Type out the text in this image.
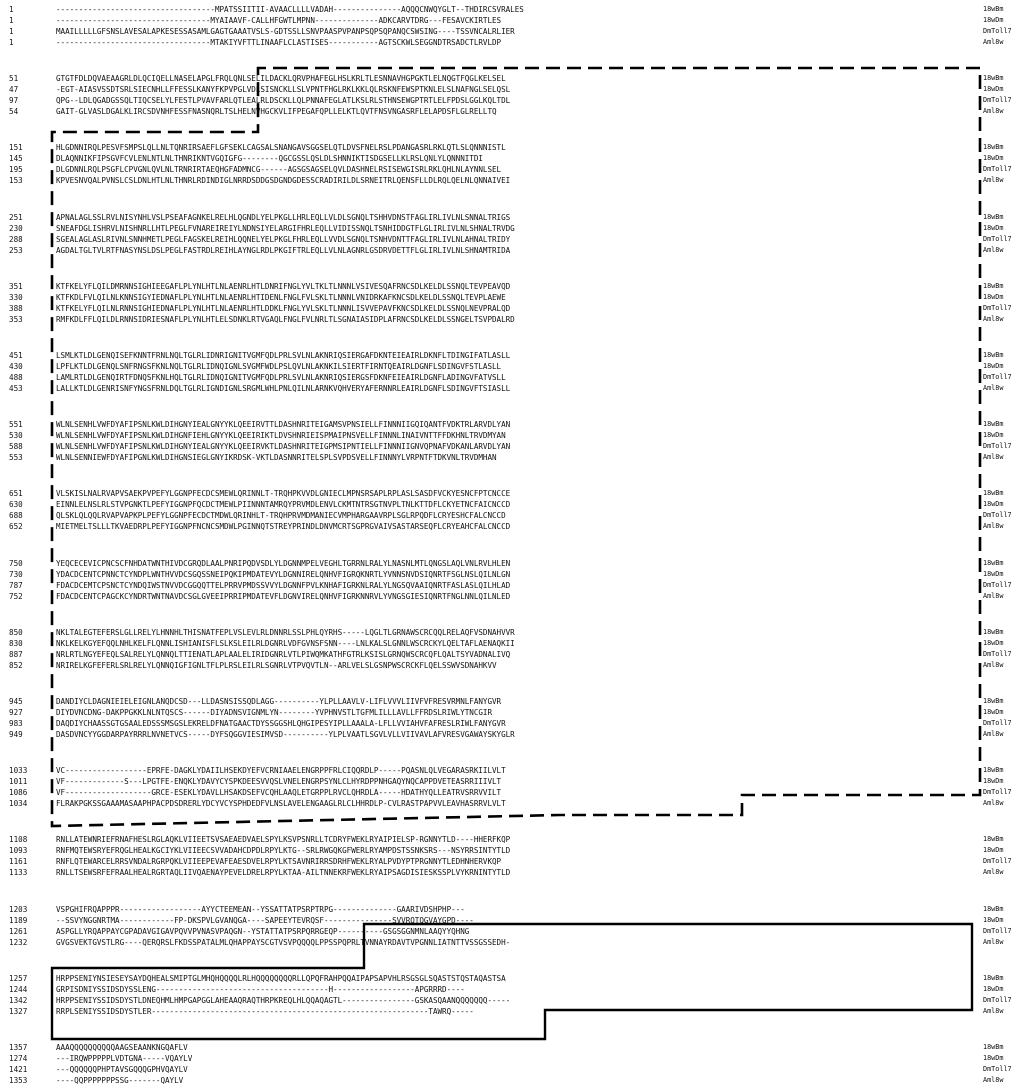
1	-----------------------------------MPATSSIITII-AVAACLLLLVADAH---------------AQQQCNWQYGLT--THDIRCSVRALES	18wBm
1	----------------------------------MYAIAAVF-CALLHFGWTLMPNN--------------ADKCARVTDRG---FESAVCKIRTLES	18wDm
1	MAAILLLLLGFSNSLAVESALAPKESESSASAMLGAGTGAAATVSLS-GDTSSLLSNVPAASPVPANPSQPSQPANQCSWSING----TSSVNCALRLIER	DmToll7
1	----------------------------------MTAKIYVFTTLINAAFLCLASTISES-----------AGTSCKWLSEGGNDTRSADCTLRVLDP	Aml8w
51	GTGTFDLDQVAEAAGRLDLQCIQELLNASELAPGLFRQLQNLSELILDACKLQRVPHAFEGLHSLKRLTLESNNAVHGPGKTLELNQGTFQGLKELSEL	18wBm
47	-EGT-AIASVSSDTSRLSIECNHLLFFESSLKANYFKPVPGLVDLSISNCKLLSLVPNTFHGLRKLKKLQLRSKNFEWSPTKNLELSLNAFNGLSELQSL	18wDm
97	QPG--LDLQGADGSSQLTIQCSELYLFESTLPVAVFARLQTLEALRLDSCKLLQLPNNAFEGLATLKSLRLSTHNSEWGPTRTLELFPDSLGGLKQLTDL	DmToll7
54	GAIT-GLVASLDGALKLIRCSDVNHFESSFNASNQRLTSLHELNVHGCKVLIFPEGAFQPLLELKTLQVTFNSVNGASRFLELAPDSFLGLRELLTQ	Aml8w
151	HLGDNNIRQLPESVFSMPSLQLLNLTQNRIRSAEFLGFSEKLCAGSALSNANGAVSGGSELQTLDVSFNELRSLPDANGASRLRKLQTLSLQNNNISTL	18wBm
145	DLAQNNIKFIPSGVFCVLENLNTLNLTHNRIKNTVGQIGFG--------QGCGSSLQSLDLSHNNIKTISDGSELLKLRSLQNLYLQNNNITDI	18wDm
195	DLGDNNLRQLPSGFLCPVGNLQVLNLTRNRIRTAEQHGFADMNCG------AGSGSAGSELQVLDASHNELRSISEWGISRLRKLQHLNLAYNNLSEL	DmToll7
153	KPVESNVQALPVNSLCSLDNLHTLNLTHNRLRDINDIGLNRRDSDDGSDGNDGDESSCRADIRILDLSRNEITRLQENSFLLDLRQLQELNLQNNAIVEI	Aml8w
251	APNALAGLSSLRVLNISYNHLVSLPSEAFAGNKELRELHLQGNDLYELPKGLLHRLEQLLVLDLSGNQLTSHHVDNSTFAGLIRLIVLNLSNNALTRIGS	18wBm
230	SNEAFDGLISHRVLNISHNRLLHTLPEGLFVNAREIREIYLNDNSIYELARGIFHRLEQLLVIDISSNQLTSNHIDDGTFLGLIRLIVLNLSHNALTRVDG	18wDm
288	SGEALAGLASLRIVNLSNNHMETLPEGLFAGSKELREIHLQQNELYELPKGLFHRLEQLLVVDLSGNQLTSNHVDNTTFAGLIRLIVLNLAHNALTRIDY	DmToll7
253	AGDALTGLTVLRTFNASYNSLDSLPEGLFASTRDLREIHLAYNGLRDLPKGIFTRLEQLLVLNLAGNRLGSDRVDETTFLGLIRLIVLNLSHNAMTRIDA	Aml8w
351	KTFKELYFLQILDMRNNSIGHIEEGAFLPLYNLHTLNLAENRLHTLDNRIFNGLYVLTKLTLNNNLVSIVESQAFRNCSDLKELDLSSNQLTEVPEAVQD	18wBm
330	KTFKDLFVLQILNLKNNSIGYIEDNAFLPLYNLHTLNLAENRLHTIDENLFNGLFVLSKLTLNNNLVNIDRKAFKNCSDLKELDLSSNQLTEVPLAEWE	18wDm
388	KTFKELYFLQILNLRNNSIGHIEDNAFLPLYNLHTLNLAENRLHTLDDKLFNGLYVLSKLTLNNNLISVVEPAVFKNCSDLKELDLSSNQLNEVPRALQD	DmToll7
353	RMFKDLFFLQILDLRNNSIDRIESNAFLPLYNLHTLELSDNKLRTVGAQLFNGLFVLNRLTLSGNAIASIDPLAFRNCSDLKELDLSSNGELTSVPDALRD	Aml8w
451	LSMLKTLDLGENQISEFKNNTFRNLNQLTGLRLIDNRIGNITVGMFQDLPRLSVLNLAKNRIQSIERGAFDKNTEIEAIRLDKNFLTDINGIFATLASLL	18wBm
430	LPFLKTLDLGENQLSNFRNGSFKNLNQLTGLRLIDNQIGNLSVGMFWDLPSLQVLNLAKNKILSIERTFIRNTQEAIRLDGNFLSDINGVFSTLASLL	18wDm
488	LAMLRTLDLGENQIRTFDNQSFKNLHQLTGLRLIDNQIGNITVGMFQDLPRLSVLNLAKNRIQSIERGSFDKNFEIEAIRLDGNFLADINGVFATVSLL	DmToll7
453	LALLKTLDLGENRISNFYNGSFRNLDQLTGLRLIGNDIGNLSRGMLWHLPNLQILNLARNKVQHVERYAFERNNRLEAIRLDGNFLSDINGVFTSIASLL	Aml8w
551	WLNLSENHLVWFDYAFIPSNLKWLDIHGNYIEALGNYYKLQEEIRVTTLDASHNRITEIGAMSVPNSIELLFINNNIIGQIQANTFVDKTRLARVDLYAN	18wBm
530	WLNLSENHLVWFDYAFIPSNLKWLDIHGNFIEHLGNYYKLQEEIRIKTLDVSHNRIEISPMAIPNSVELLFINNNLINAIVNTTFFDKHNLTRVDMYAN	18wDm
588	WLNLSENHLVWFDYAFIPSNLKWLDIHGNYIEALGNYYKLQEEIRVKTLDASHNRITEIGPMSIPNTIELLFINNNIIGNVQPNAFVDKANLARVDLYAN	DmToll7
553	WLNLSENNIEWFDYAFIPGNLKWLDIHGNSIEGLGNYIKRDSK-VKTLDASNNRITELSPLSVPDSVELLFINNNYLVRPNTFTDKVNLTRVDMHAN	Aml8w
651	VLSKISLNALRVAPVSAEKPVPEFYLGGNPFECDCSMEWLQRINNLT-TRQHPKVVDLGNIECLMPNSRSAPLRPLASLSASDFVCKYESNCFPTCNCCE	18wBm
630	EINNLELNSLRLSTVPGNKTLPEFYIGGNPFQCDCTMEWLPIINNNTAMRQYPRVMDLENVLCKMTNTRSGTNVPLTNLKTTDFLCKYETNCFAICNCCD	18wDm
688	QLSKLQLQQLRVAPVAPKPLPEFYLGGNPFECDCTMDWLQRINHLT-TRQHPRVMDMANIECVMPHARGAAVRPLSGLRPQDFLCRYESHCFALCNCCD	DmToll7
652	MIETMELTSLLLTKVAEDRPLPEFYIGGNPFNCNCSMDWLPGINNQTSTREYPRINDLDNVMCRTSGPRGVAIVSASTARSEQFLCRYEAHCFALCNCCD	Aml8w
750	YEQCECEVICPNCSCFNHDATWNTHIVDCGRQDLAALPNRIPQDVSDLYLDGNNMPELVEGHLTGRRNLRALYLNASNLMTLQNGSLAQLVNLRVLHLEN	18wBm
730	YDACDCENTCPNNCTCYNDPLWNTHVVDCSGQSSNEIPQKIPMDATEVYLDGNNIRELQNHVFIGRQKNRTLYVNNSNVDSIQNRTFSGLNSLQILNLGN	18wDm
787	FDACDCEMTCPSNCTCYNDQIWSTNVVDCGGQQTTELPRRVPMDSSVVYLDGNNFPVLKNHAFIGRKNLRALYLNGSQVAAIQNRTFASLASLQILHLAD	DmToll7
752	FDACDCENTCPAGCKCYNDRTWNTNAVDCSGLGVEEIPRRIPMDATEVFLDGNVIRELQNHVFIGRKNNRVLYVNGSGIESIQNRTFNGLNNLQILNLED	Aml8w
850	NKLTALEGTEFERSLGLLRELYLHNNHLTHISNATFEPLVSLEVLRLDNNRLSSLPHLQYRHS-----LQGLTLGRNAWSCRCQQLRELAQFVSDNAHVVR	18wBm
830	NKLKELKGYEFQQLNHLKELFLQNNLISHIANISFLSLKSLEILRLDGNRLVDFGVNSFSNN----LNLKALSLGNNLWSCRCKYLQELTAFLAENAQKII	18wDm
887	NRLRTLNGYEFEQLSALRELYLQNNQLTTIENATLAPLAALELIRIDGNRLVTLPIWQMKATHFGTRLKSISLGRNQWSCRCQFLQALTSYVADNALIVQ	DmToll7
852	NRIRELKGFEFERLSRLRELYLQNNQIGFIGNLTFLPLRSLEILRLSGNRLVTPVQVTLN--ARLVELSLGSNPWSCRCKFLQELSSWVSDNAHKVV	Aml8w
945	DANDIYCLDAGNIEIELEIGNLANQDCSD---LLDASNSISSQDLAGG----------YLPLLAAVLV-LIFLVVVLIIVFVFRESVRMNLFANYGVR	18wBm
927	DIYDVNCDNG-DAKPPGKKLNLNTQSCS------DIYADNSVIGNMLYN--------YVPHNVSTLTGFMLILLLAVLLFFRDSLRIWLYTNCGIR	18wDm
983	DAQDIYCHAASSGTGSAALEDSSSMSGSLEKRELDFNATGAACTDYSSGGSHLQHGIPESYIPLLAAALA-LFLLVVIAHVFAFRESLRIWLFANYGVR	DmToll7
949	DASDVNCYYGGDARPAYRRRLNVNETVCS-----DYFSQGGVIESIMVSD----------YLPLVAATLSGVLVLLVIIVAVLAFVRESVGAWAYSKYGLR	Aml8w
1033	VC------------------EPRFE-DAGKLYDAIILHSEKDYEFVCRNIAAELENGRPPFRLCIQQRDLP-----PQASNLQLVEGARASRKIILVLT	18wBm
1011	VF-------------S---LPGTFE-ENQKLYDAVYCYSPKDEESVVQSLVNELENGRPSYNLCLHYRDPPNHGAQYNQCAPPDVETEASRRIIIVLT	18wDm
1086	VF-------------------GRCE-ESEKLYDAVLLHSAKDSEFVCQHLAAQLETGRPPLRVCLQHRDLA-----HDATHYQLLEATRVSRRVVILT	DmToll7
1034	FLRAKPGKSSGAAAMASAAPHPACPDSDRERLYDCYVCYSPHDEDFVLNSLAVELENGAAGLRLCLHHRDLP-CVLRASTPAPVVLEAVHASRRVLVLT	Aml8w
1108	RNLLATEWNRIEFRNAFHESLRGLAQKLVIIEETSVSAEAEDVAELSPYLKSVPSNRLLTCDRYFWEKLRYAIPIELSP-RGNNYTLD----HHERFKQP	18wBm
1093	RNFMQTEWSRYEFRQGLHEALKGCIYKLVIIEECSVVADAHCDPDLRPYLKTG--SRLRWGQKGFWERLRYAMPDSTSSNKSRS---NSYRRSINTYTLD	18wDm
1161	RNFLQTEWARCELRRSVNDALRGRPQKLVIIEEPEVAFEAESDVELRPYLKTSAVNRIRRSDRHFWEKLRYALPVDYPTPRGNNYTLEDHNHERVKQP	DmToll7
1133	RNLLTSEWSRFEFRAALHEALRGRTAQLIIVQAENAYPEVELDRELRPYLKTAA-AILTNNEKRFWEKLRYAIPSAGDISIESKSSPLVYKRNINTYTLD	Aml8w
1203	VSPGHIFRQAPPPR------------------AYYCTEEMEAN--YSSATTATPSRPTRPG--------------GAARIVDSHPHP---	18wBm
1189	--SSVYNGGNRTMA------------FP-DKSPVLGVANQGA----SAPEEYTEVRQSF---------------SVVRQTQGVAYGPD----	18wDm
1261	ASPGLLYRQAPPAYCGPADAVGIGAVPQVVPVNASVPAQGN--YSTATTATPSRPQRRGEQP----------GSGSGGNMNLAAQYYQHNG	DmToll7
1232	GVGSVEKTGVSTLRG----QERQRSLFKDSSPATALMLQHAPPAYSCGTVSVPQQQQLPPSSPQPRLTVNNAYRDAVTVPGNNLIATNTTVSSGSSEDH-	Aml8w
1257	HRPPSENIYNSIESEYSAYDQHEALSMIPTGLMHQHQQQQLRLHQQQQQQQQRLLQPQFRAHPQQAIPAPSAPVHLRSGSGLSQASTSTQSTAQASTSA	18wBm
1244	GRPISDNIYSSIDSDYSSLENG--------------------------------------H------------------APGRRRD----	18wDm
1342	HRPPSENIYSSIDSDYSTLDNEQHMLHMPGAPGGLAHEAAQRAQTHRPKREQLHLQQAQAGTL----------------GSKASQAANQQQQQQQ-----	DmToll7
1327	RRPLSENIYSSIDSDYSTLER-------------------------------------------------------------TAWRQ-----	Aml8w
1357	AAAQQQQQQQQQQAAGSEAANKNGQAFLV	18wBm
1274	---IRQWPPPPPLVDTGNA-----VQAYLV	18wDm
1421	---QQQQQQPHPTAVSGQQQGPHVQAYLV	DmToll7
1353	----QQPPPPPPPSSG-------QAYLV	Aml8w
